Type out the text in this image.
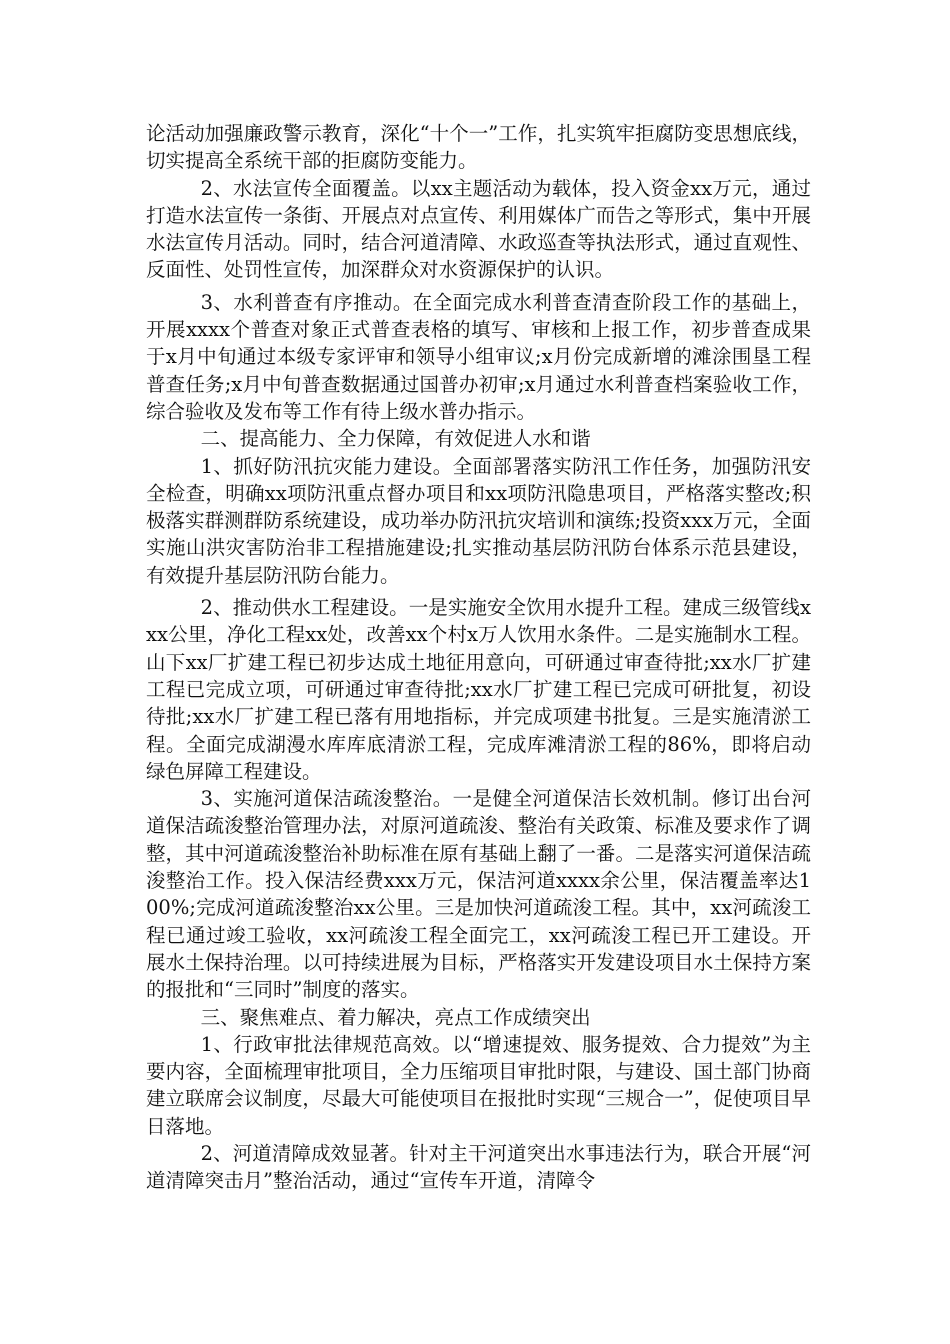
论活动加强廉政警示教育，深化“十个一”工作，扎实筑牢拒腐防变思想底线，切实提高全系统干部的拒腐防变能力。

2、水法宣传全面覆盖。以xx主题活动为载体，投入资金xx万元，通过打造水法宣传一条街、开展点对点宣传、利用媒体广而告之等形式，集中开展水法宣传月活动。同时，结合河道清障、水政巡查等执法形式，通过直观性、反面性、处罚性宣传，加深群众对水资源保护的认识。

3、水利普查有序推动。在全面完成水利普查清查阶段工作的基础上，开展xxxx个普查对象正式普查表格的填写、审核和上报工作，初步普查成果于x月中旬通过本级专家评审和领导小组审议;x月份完成新增的滩涂围垦工程普查任务;x月中旬普查数据通过国普办初审;x月通过水利普查档案验收工作，综合验收及发布等工作有待上级水普办指示。

二、提高能力、全力保障，有效促进人水和谐

1、抓好防汛抗灾能力建设。全面部署落实防汛工作任务，加强防汛安全检查，明确xx项防汛重点督办项目和xx项防汛隐患项目，严格落实整改;积极落实群测群防系统建设，成功举办防汛抗灾培训和演练;投资xxx万元，全面实施山洪灾害防治非工程措施建设;扎实推动基层防汛防台体系示范县建设，有效提升基层防汛防台能力。

2、推动供水工程建设。一是实施安全饮用水提升工程。建成三级管线xxx公里，净化工程xx处，改善xx个村x万人饮用水条件。二是实施制水工程。山下xx厂扩建工程已初步达成土地征用意向，可研通过审查待批;xx水厂扩建工程已完成立项，可研通过审查待批;xx水厂扩建工程已完成可研批复，初设待批;xx水厂扩建工程已落有用地指标，并完成项建书批复。三是实施清淤工程。全面完成湖漫水库库底清淤工程，完成库滩清淤工程的86%，即将启动绿色屏障工程建设。

3、实施河道保洁疏浚整治。一是健全河道保洁长效机制。修订出台河道保洁疏浚整治管理办法，对原河道疏浚、整治有关政策、标准及要求作了调整，其中河道疏浚整治补助标准在原有基础上翻了一番。二是落实河道保洁疏浚整治工作。投入保洁经费xxx万元，保洁河道xxxx余公里，保洁覆盖率达100%;完成河道疏浚整治xx公里。三是加快河道疏浚工程。其中，xx河疏浚工程已通过竣工验收，xx河疏浚工程全面完工，xx河疏浚工程已开工建设。开展水土保持治理。以可持续进展为目标，严格落实开发建设项目水土保持方案的报批和“三同时”制度的落实。

三、聚焦难点、着力解决，亮点工作成绩突出

1、行政审批法律规范高效。以“增速提效、服务提效、合力提效”为主要内容，全面梳理审批项目，全力压缩项目审批时限，与建设、国土部门协商建立联席会议制度，尽最大可能使项目在报批时实现“三规合一”，促使项目早日落地。

2、河道清障成效显著。针对主干河道突出水事违法行为，联合开展“河道清障突击月”整治活动，通过“宣传车开道，清障令
